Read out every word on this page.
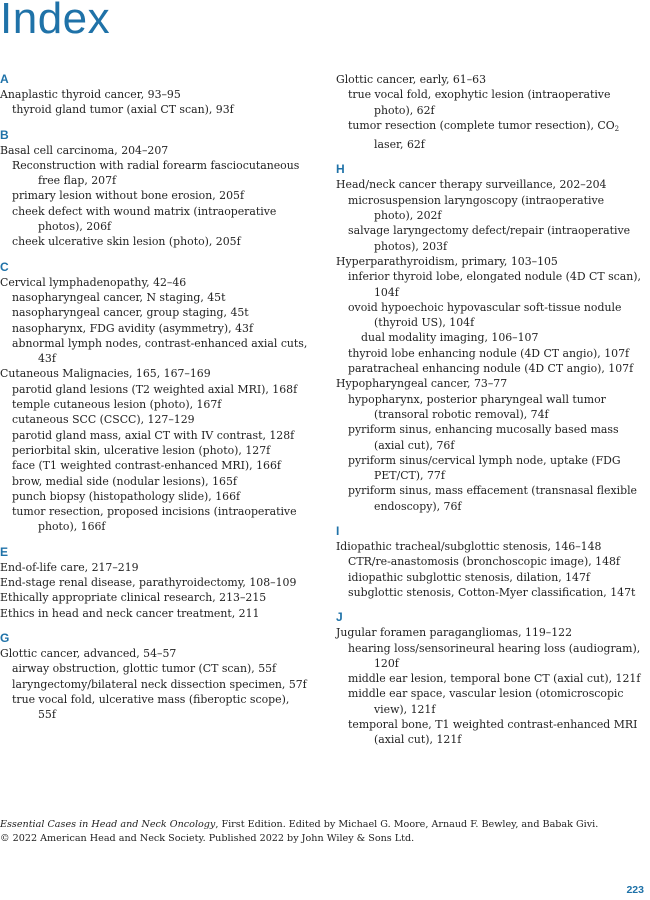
Index
A
Anaplastic thyroid cancer, 93–95
thyroid gland tumor (axial CT scan), 93f
B
Basal cell carcinoma, 204–207
Reconstruction with radial forearm fasciocutaneous free flap, 207f
primary lesion without bone erosion, 205f
cheek defect with wound matrix (intraoperative photos), 206f
cheek ulcerative skin lesion (photo), 205f
C
Cervical lymphadenopathy, 42–46
nasopharyngeal cancer, N staging, 45t
nasopharyngeal cancer, group staging, 45t
nasopharynx, FDG avidity (asymmetry), 43f
abnormal lymph nodes, contrast-enhanced axial cuts, 43f
Cutaneous Malignacies, 165, 167–169
parotid gland lesions (T2 weighted axial MRI), 168f
temple cutaneous lesion (photo), 167f
cutaneous SCC (CSCC), 127–129
parotid gland mass, axial CT with IV contrast, 128f
periorbital skin, ulcerative lesion (photo), 127f
face (T1 weighted contrast-enhanced MRI), 166f
brow, medial side (nodular lesions), 165f
punch biopsy (histopathology slide), 166f
tumor resection, proposed incisions (intraoperative photo), 166f
E
End-of-life care, 217–219
End-stage renal disease, parathyroidectomy, 108–109
Ethically appropriate clinical research, 213–215
Ethics in head and neck cancer treatment, 211
G
Glottic cancer, advanced, 54–57
airway obstruction, glottic tumor (CT scan), 55f
laryngectomy/bilateral neck dissection specimen, 57f
true vocal fold, ulcerative mass (fiberoptic scope), 55f
Glottic cancer, early, 61–63
true vocal fold, exophytic lesion (intraoperative photo), 62f
tumor resection (complete tumor resection), CO2 laser, 62f
H
Head/neck cancer therapy surveillance, 202–204
microsuspension laryngoscopy (intraoperative photo), 202f
salvage laryngectomy defect/repair (intraoperative photos), 203f
Hyperparathyroidism, primary, 103–105
inferior thyroid lobe, elongated nodule (4D CT scan), 104f
ovoid hypoechoic hypovascular soft-tissue nodule (thyroid US), 104f
dual modality imaging, 106–107
thyroid lobe enhancing nodule (4D CT angio), 107f
paratracheal enhancing nodule (4D CT angio), 107f
Hypopharyngeal cancer, 73–77
hypopharynx, posterior pharyngeal wall tumor (transoral robotic removal), 74f
pyriform sinus, enhancing mucosally based mass (axial cut), 76f
pyriform sinus/cervical lymph node, uptake (FDG PET/CT), 77f
pyriform sinus, mass effacement (transnasal flexible endoscopy), 76f
I
Idiopathic tracheal/subglottic stenosis, 146–148
CTR/re-anastomosis (bronchoscopic image), 148f
idiopathic subglottic stenosis, dilation, 147f
subglottic stenosis, Cotton-Myer classification, 147t
J
Jugular foramen paragangliomas, 119–122
hearing loss/sensorineural hearing loss (audiogram), 120f
middle ear lesion, temporal bone CT (axial cut), 121f
middle ear space, vascular lesion (otomicroscopic view), 121f
temporal bone, T1 weighted contrast-enhanced MRI (axial cut), 121f
Essential Cases in Head and Neck Oncology, First Edition. Edited by Michael G. Moore, Arnaud F. Bewley, and Babak Givi.
© 2022 American Head and Neck Society. Published 2022 by John Wiley & Sons Ltd.
223
